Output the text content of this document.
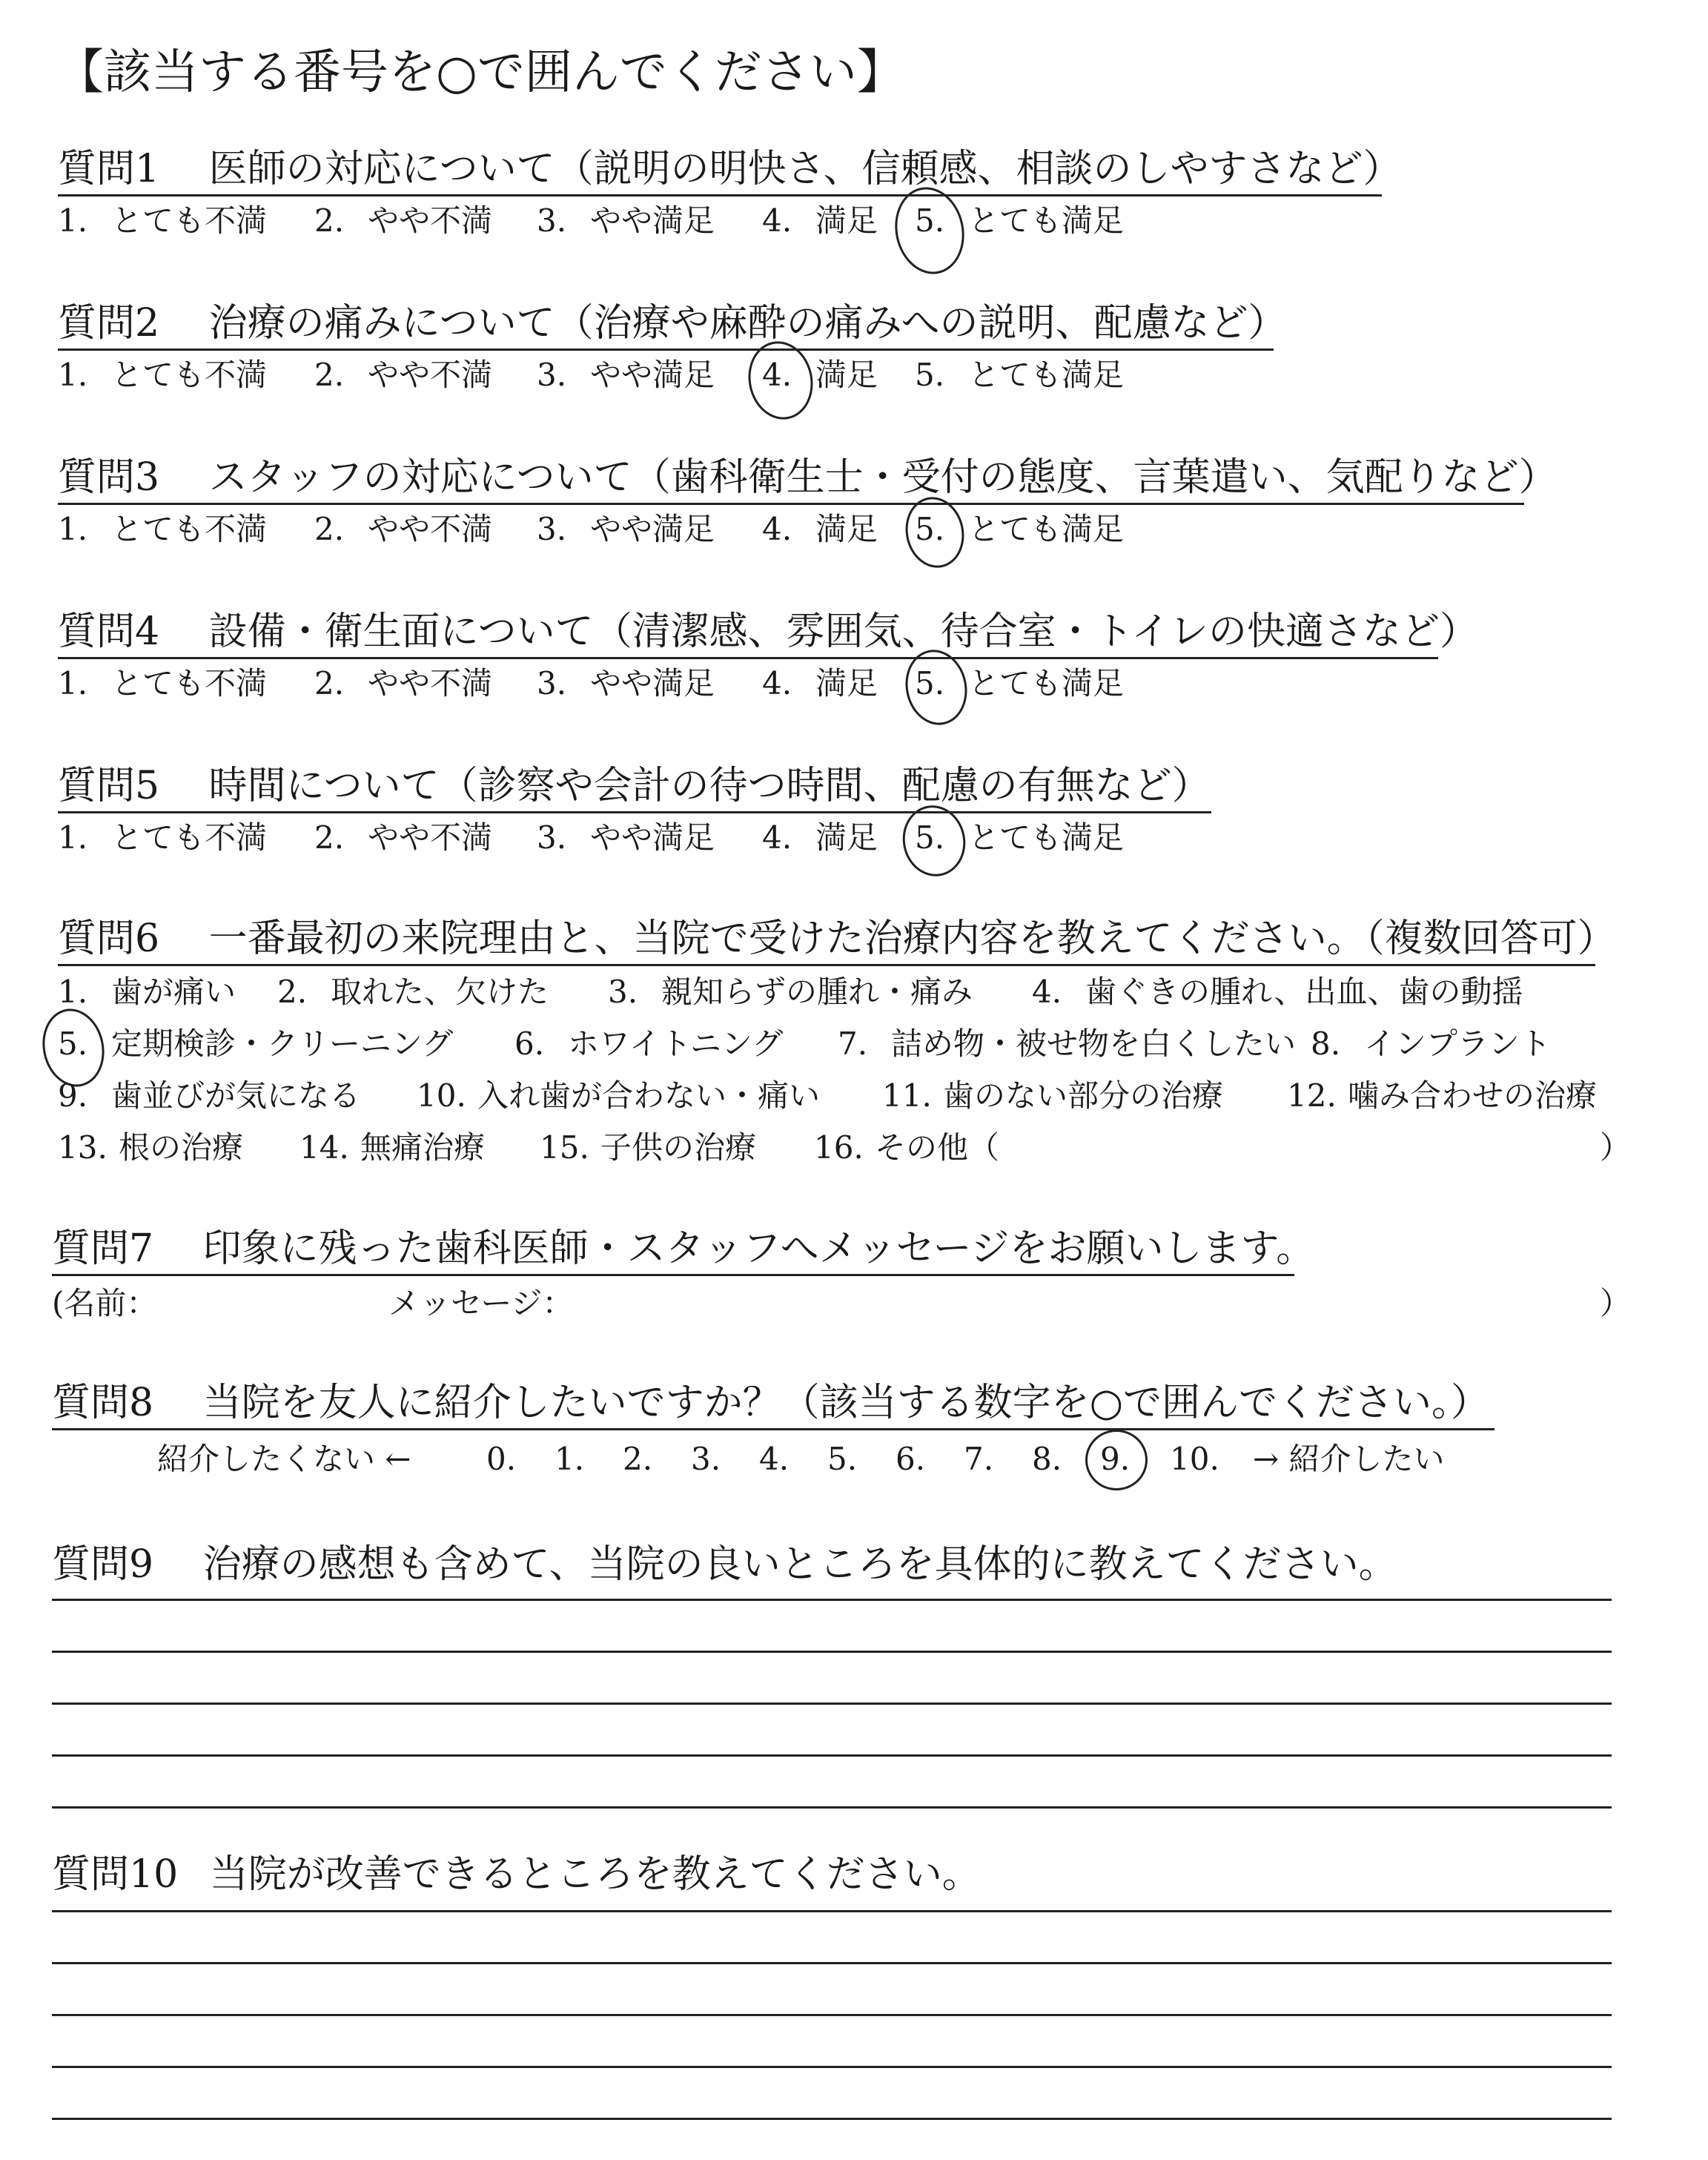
【該当する番号を○で囲んでください】
質問1 医師の対応について（説明の明快さ、信頼感、相談のしやすさなど）
1. とても不満 2. やや不満 3. やや満足 4. 満足 5. とても満足
質問2 治療の痛みについて（治療や麻酔の痛みへの説明、配慮など）
1. とても不満 2. やや不満 3. やや満足 4. 満足 5. とても満足
質問3 スタッフの対応について（歯科衛生士・受付の態度、言葉遣い、気配りなど）
1. とても不満 2. やや不満 3. やや満足 4. 満足 5. とても満足
質問4 設備・衛生面について（清潔感、雰囲気、待合室・トイレの快適さなど）
1. とても不満 2. やや不満 3. やや満足 4. 満足 5. とても満足
質問5 時間について（診察や会計の待つ時間、配慮の有無など）
1. とても不満 2. やや不満 3. やや満足 4. 満足 5. とても満足
質問6 一番最初の来院理由と、当院で受けた治療内容を教えてください。（複数回答可）
1. 歯が痛い 2. 取れた、欠けた 3. 親知らずの腫れ・痛み 4. 歯ぐきの腫れ、出血、歯の動揺
5. 定期検診・クリーニング 6. ホワイトニング 7. 詰め物・被せ物を白くしたい 8. インプラント
9. 歯並びが気になる 10. 入れ歯が合わない・痛い 11. 歯のない部分の治療 12. 噛み合わせの治療
13. 根の治療 14. 無痛治療 15. 子供の治療 16. その他（	）
質問7 印象に残った歯科医師・スタッフへメッセージをお願いします。
(名前：	メッセージ：	）
質問8 当院を友人に紹介したいですか？（該当する数字を○で囲んでください。）
紹介したくない ← 0. 1. 2. 3. 4. 5. 6. 7. 8. 9. 10. → 紹介したい
質問9 治療の感想も含めて、当院の良いところを具体的に教えてください。
質問10 当院が改善できるところを教えてください。
